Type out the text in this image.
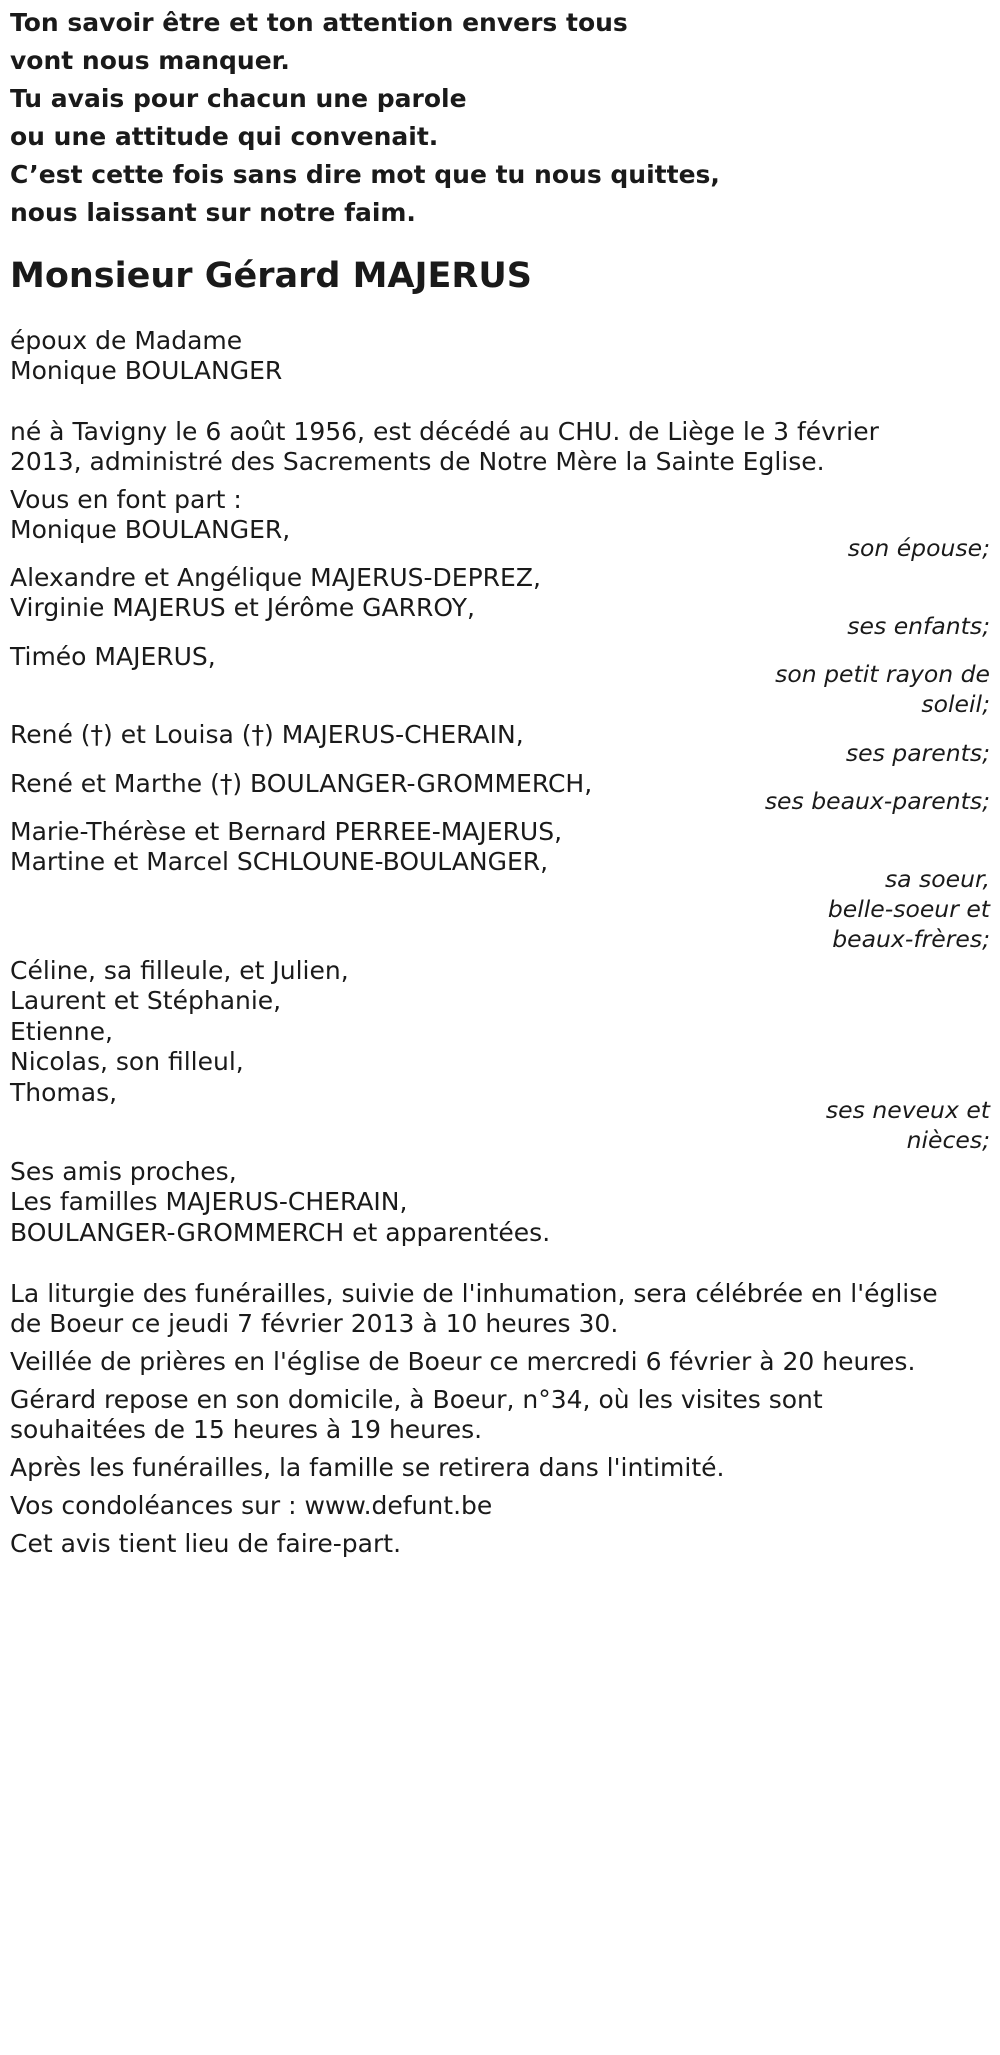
Ton savoir être et ton attention envers tous
vont nous manquer.
Tu avais pour chacun une parole
ou une attitude qui convenait.
C’est cette fois sans dire mot que tu nous quittes,
nous laissant sur notre faim.
Monsieur Gérard MAJERUS
époux de Madame
Monique BOULANGER
né à Tavigny le 6 août 1956, est décédé au CHU. de Liège le 3 février
2013, administré des Sacrements de Notre Mère la Sainte Eglise.
Vous en font part :
Monique BOULANGER,
son épouse;
Alexandre et Angélique MAJERUS-DEPREZ,
Virginie MAJERUS et Jérôme GARROY,
ses enfants;
Timéo MAJERUS,
son petit rayon de
soleil;
René (†) et Louisa (†) MAJERUS-CHERAIN,
ses parents;
René et Marthe (†) BOULANGER-GROMMERCH,
ses beaux-parents;
Marie-Thérèse et Bernard PERREE-MAJERUS,
Martine et Marcel SCHLOUNE-BOULANGER,
sa soeur,
belle-soeur et
beaux-frères;
Céline, sa filleule, et Julien,
Laurent et Stéphanie,
Etienne,
Nicolas, son filleul,
Thomas,
ses neveux et
nièces;
Ses amis proches,
Les familles MAJERUS-CHERAIN,
BOULANGER-GROMMERCH et apparentées.
La liturgie des funérailles, suivie de l'inhumation, sera célébrée en l'église
de Boeur ce jeudi 7 février 2013 à 10 heures 30.
Veillée de prières en l'église de Boeur ce mercredi 6 février à 20 heures.
Gérard repose en son domicile, à Boeur, n°34, où les visites sont
souhaitées de 15 heures à 19 heures.
Après les funérailles, la famille se retirera dans l'intimité.
Vos condoléances sur : www.defunt.be
Cet avis tient lieu de faire-part.
